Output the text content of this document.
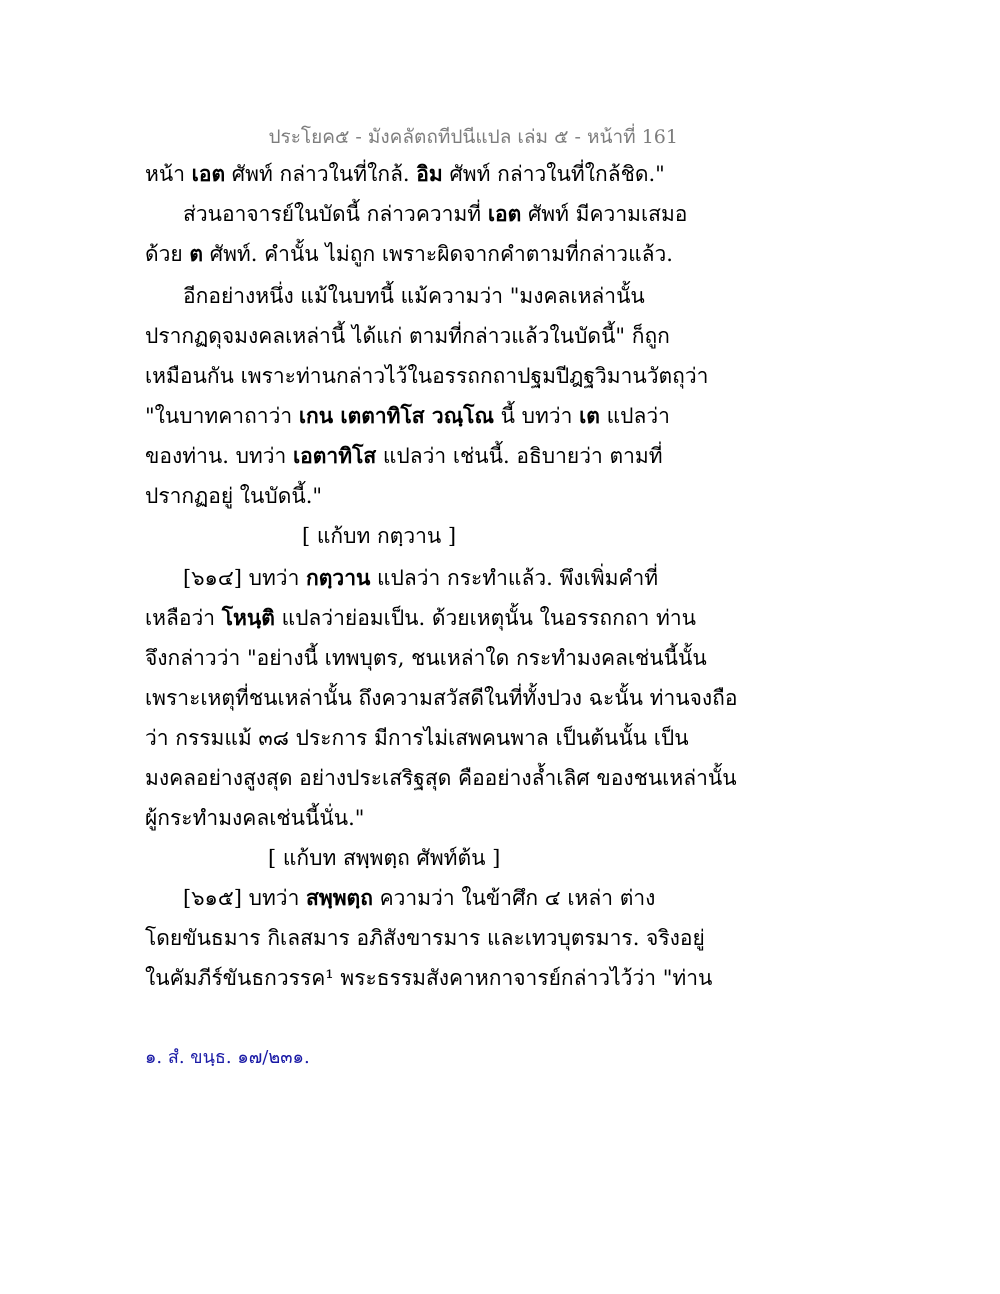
ประโยค๕ - มังคลัตถทีปนีแปล เล่ม ๕ - หน้าที่ 161
หน้า เอต ศัพท์ กล่าวในที่ใกล้. อิม ศัพท์ กล่าวในที่ใกล้ชิด."
ส่วนอาจารย์ในบัดนี้ กล่าวความที่ เอต ศัพท์ มีความเสมอ
ด้วย ต ศัพท์. คำนั้น ไม่ถูก เพราะผิดจากคำตามที่กล่าวแล้ว.
อีกอย่างหนึ่ง แม้ในบทนี้ แม้ความว่า "มงคลเหล่านั้น
ปรากฏดุจมงคลเหล่านี้ ได้แก่ ตามที่กล่าวแล้วในบัดนี้" ก็ถูก
เหมือนกัน เพราะท่านกล่าวไว้ในอรรถกถาปฐมปีฎฐวิมานวัตถุว่า
"ในบาทคาถาว่า เกน เตตาทิโส วณฺโณ นี้ บทว่า เต แปลว่า
ของท่าน. บทว่า เอตาทิโส แปลว่า เช่นนี้. อธิบายว่า ตามที่
ปรากฏอยู่ ในบัดนี้."
[ แก้บท กตฺวาน ]
[๖๑๔] บทว่า กตฺวาน แปลว่า กระทำแล้ว. พึงเพิ่มคำที่
เหลือว่า โหนฺติ แปลว่าย่อมเป็น. ด้วยเหตุนั้น ในอรรถกถา ท่าน
จึงกล่าวว่า "อย่างนี้ เทพบุตร, ชนเหล่าใด กระทำมงคลเช่นนี้นั้น
เพราะเหตุที่ชนเหล่านั้น ถึงความสวัสดีในที่ทั้งปวง ฉะนั้น ท่านจงถือ
ว่า กรรมแม้ ๓๘ ประการ มีการไม่เสพคนพาล เป็นต้นนั้น เป็น
มงคลอย่างสูงสุด อย่างประเสริฐสุด คืออย่างล้ำเลิศ ของชนเหล่านั้น
ผู้กระทำมงคลเช่นนี้นั่น."
[ แก้บท สพฺพตฺถ ศัพท์ต้น ]
[๖๑๕] บทว่า สพฺพตฺถ ความว่า ในข้าศึก ๔ เหล่า ต่าง
โดยขันธมาร กิเลสมาร อภิสังขารมาร และเทวบุตรมาร. จริงอยู่
ในคัมภีร์ขันธกวรรค¹ พระธรรมสังคาหกาจารย์กล่าวไว้ว่า "ท่าน
๑. สํ. ขนฺธ. ๑๗/๒๓๑.
